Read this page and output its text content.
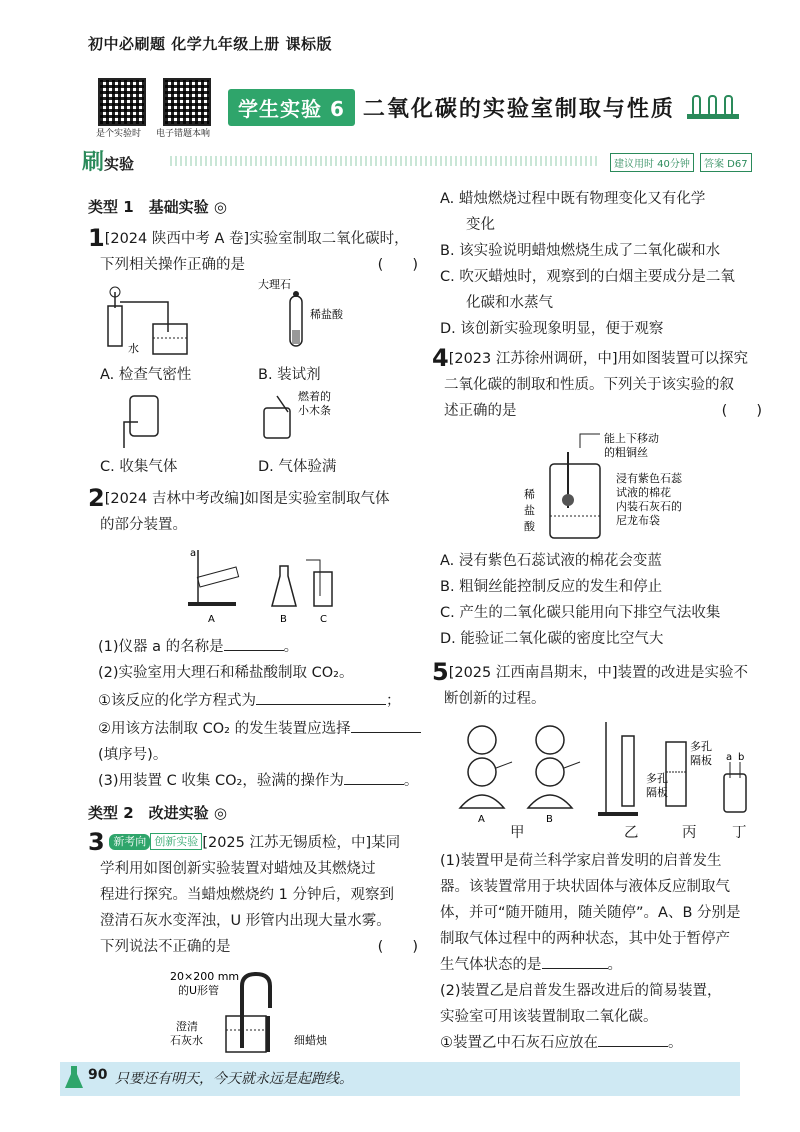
初中必刷题 化学九年级上册 课标版
是个实验时 电子错题本响
学生实验 6 二氧化碳的实验室制取与性质
刷实验	建议用时 40分钟	答案 D67
类型 1　基础实验 ◎
1[2024 陕西中考 A 卷]实验室制取二氧化碳时，
下列相关操作正确的是	(　　)
水
大理石
稀盐酸
A. 检查气密性	B. 装试剂
燃着的
小木条
C. 收集气体	D. 气体验满
2[2024 吉林中考改编]如图是实验室制取气体
的部分装置。
a
A	B	C
(1)仪器 a 的名称是	。
(2)实验室用大理石和稀盐酸制取 CO₂。
①该反应的化学方程式为	；
②用该方法制取 CO₂ 的发生装置应选择
(填序号)。
(3)用装置 C 收集 CO₂，验满的操作为	。
类型 2　改进实验 ◎
3 新考向 创新实验 [2025 江苏无锡质检，中]某同
学利用如图创新实验装置对蜡烛及其燃烧过
程进行探究。当蜡烛燃烧约 1 分钟后，观察到
澄清石灰水变浑浊，U 形管内出现大量水雾。
下列说法不正确的是	(　　)
20×200 mm
的U形管
澄清
石灰水	细蜡烛
A. 蜡烛燃烧过程中既有物理变化又有化学
变化
B. 该实验说明蜡烛燃烧生成了二氧化碳和水
C. 吹灭蜡烛时，观察到的白烟主要成分是二氧
化碳和水蒸气
D. 该创新实验现象明显，便于观察
4[2023 江苏徐州调研，中]用如图装置可以探究
二氧化碳的制取和性质。下列关于该实验的叙
述正确的是	(　　)
能上下移动
的粗铜丝
稀
盐
酸
浸有紫色石蕊
试液的棉花
内装石灰石的
尼龙布袋
A. 浸有紫色石蕊试液的棉花会变蓝
B. 粗铜丝能控制反应的发生和停止
C. 产生的二氧化碳只能用向下排空气法收集
D. 能验证二氧化碳的密度比空气大
5[2025 江西南昌期末，中]装置的改进是实验不
断创新的过程。
A	B
多孔
隔板
多孔
隔板 a b
甲	乙	丙 丁
(1)装置甲是荷兰科学家启普发明的启普发生
器。该装置常用于块状固体与液体反应制取气
体，并可“随开随用，随关随停”。A、B 分别是
制取气体过程中的两种状态，其中处于暂停产
生气体状态的是	。
(2)装置乙是启普发生器改进后的简易装置，
实验室可用该装置制取二氧化碳。
①装置乙中石灰石应放在	。
90 只要还有明天，今天就永远是起跑线。
